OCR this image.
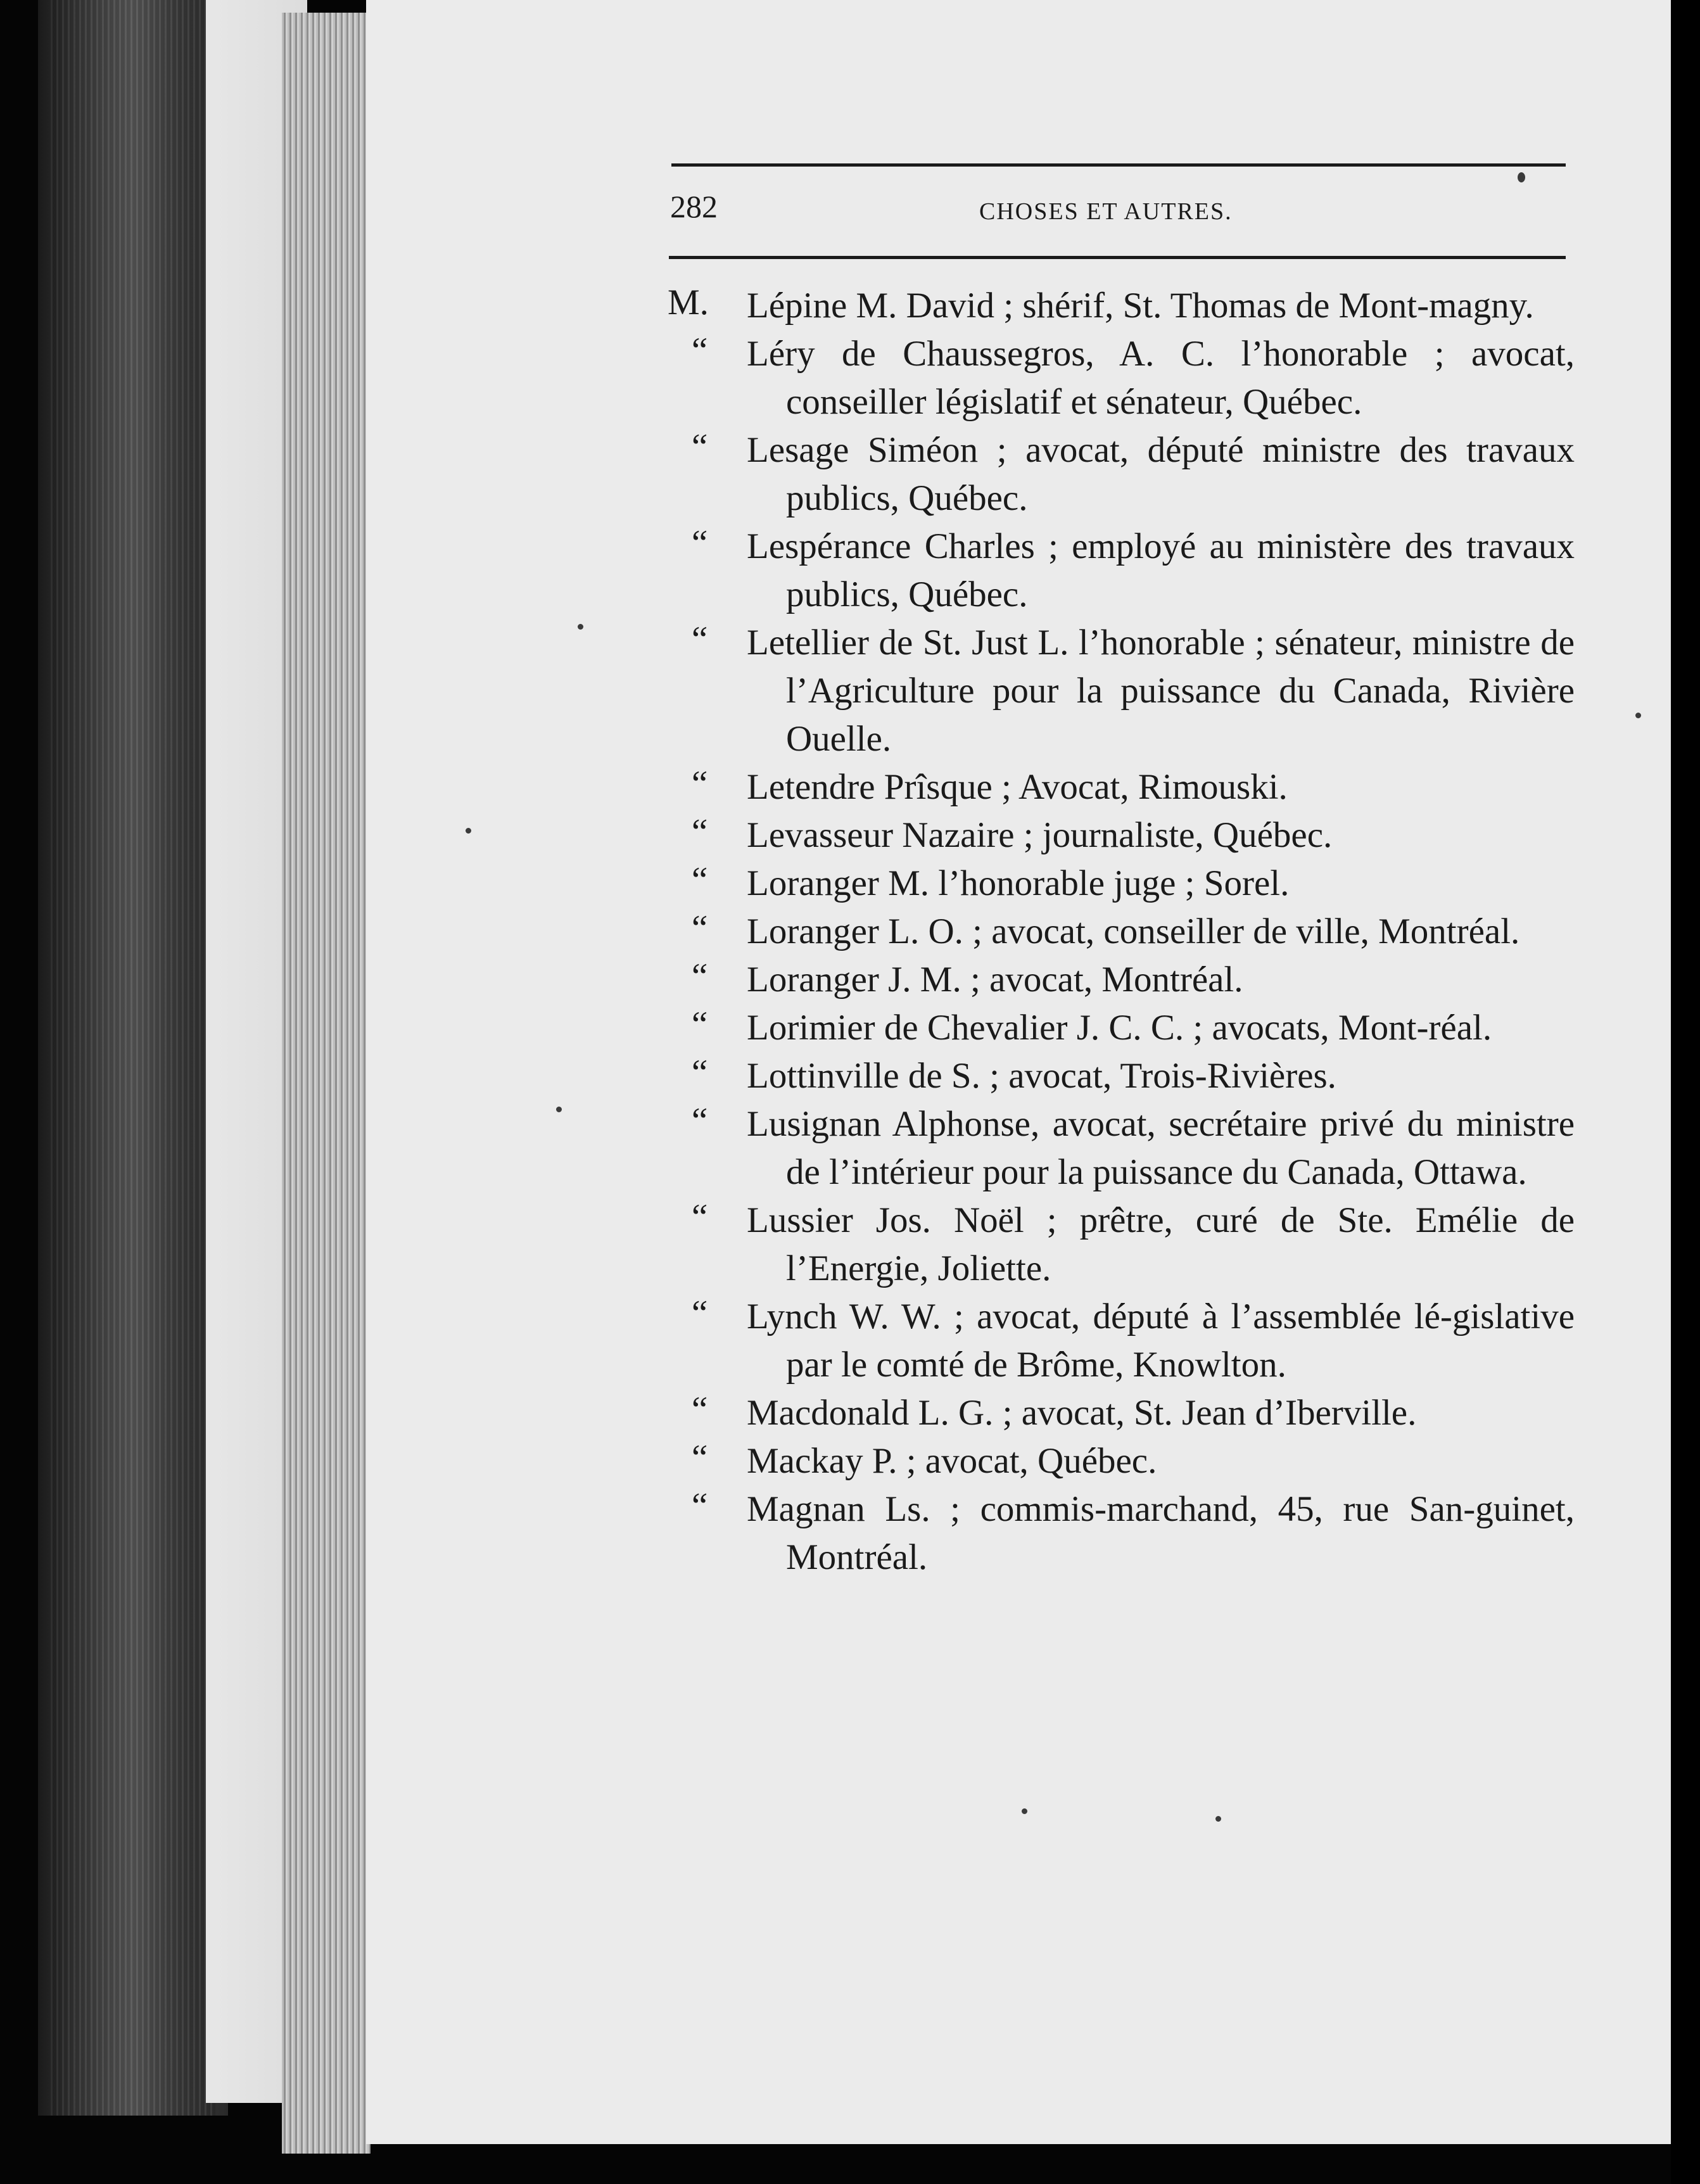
282	CHOSES ET AUTRES.
M. Lépine M. David ; shérif, St. Thomas de Mont-magny.
“ Léry de Chaussegros, A. C. l’honorable ; avocat, conseiller législatif et sénateur, Québec.
“ Lesage Siméon ; avocat, député ministre des travaux publics, Québec.
“ Lespérance Charles ; employé au ministère des travaux publics, Québec.
“ Letellier de St. Just L. l’honorable ; sénateur, ministre de l’Agriculture pour la puissance du Canada, Rivière Ouelle.
“ Letendre Prîsque ; Avocat, Rimouski.
“ Levasseur Nazaire ; journaliste, Québec.
“ Loranger M. l’honorable juge ; Sorel.
“ Loranger L. O. ; avocat, conseiller de ville, Montréal.
“ Loranger J. M. ; avocat, Montréal.
“ Lorimier de Chevalier J. C. C. ; avocats, Mont-réal.
“ Lottinville de S. ; avocat, Trois-Rivières.
“ Lusignan Alphonse, avocat, secrétaire privé du ministre de l’intérieur pour la puissance du Canada, Ottawa.
“ Lussier Jos. Noël ; prêtre, curé de Ste. Emélie de l’Energie, Joliette.
“ Lynch W. W. ; avocat, député à l’assemblée lé-gislative par le comté de Brôme, Knowlton.
“ Macdonald L. G. ; avocat, St. Jean d’Iberville.
“ Mackay P. ; avocat, Québec.
“ Magnan Ls. ; commis-marchand, 45, rue San-guinet, Montréal.
